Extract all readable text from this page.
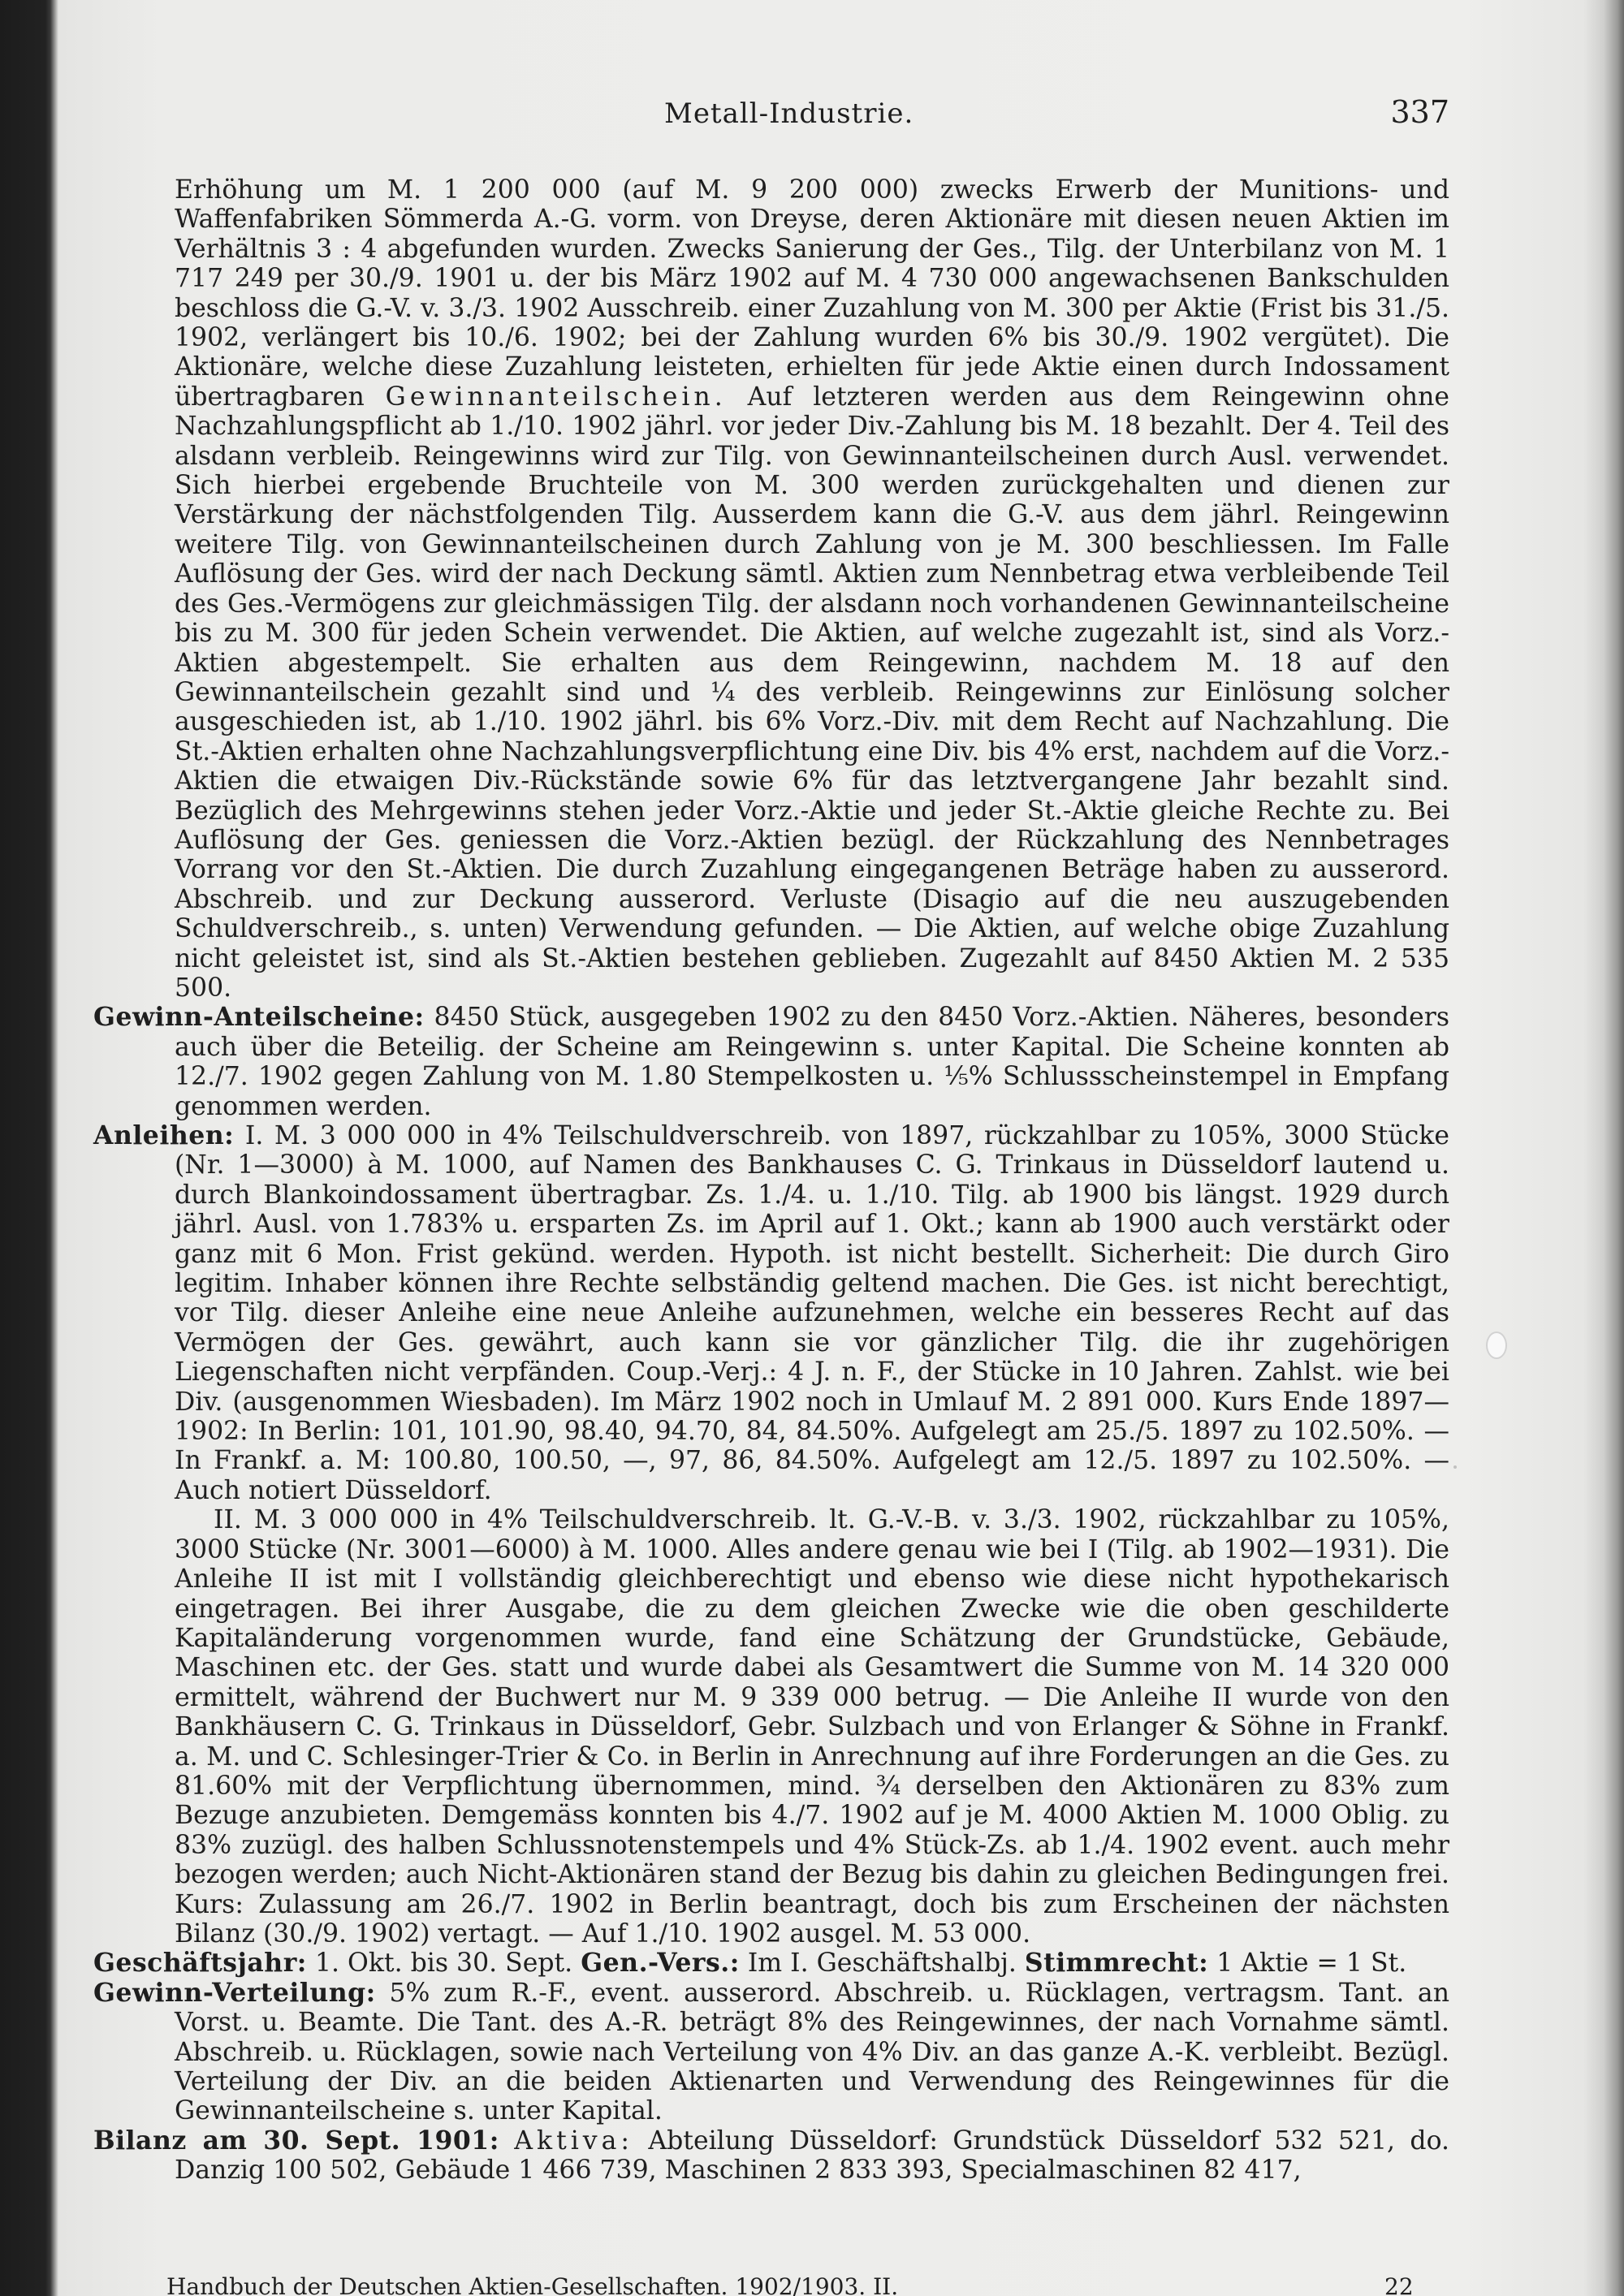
Metall-Industrie.	337
Erhöhung um M. 1 200 000 (auf M. 9 200 000) zwecks Erwerb der Munitions- und Waffenfabriken Sömmerda A.-G. vorm. von Dreyse, deren Aktionäre mit diesen neuen Aktien im Verhältnis 3 : 4 abgefunden wurden. Zwecks Sanierung der Ges., Tilg. der Unterbilanz von M. 1 717 249 per 30./9. 1901 u. der bis März 1902 auf M. 4 730 000 angewachsenen Bankschulden beschloss die G.-V. v. 3./3. 1902 Ausschreib. einer Zuzahlung von M. 300 per Aktie (Frist bis 31./5. 1902, verlängert bis 10./6. 1902; bei der Zahlung wurden 6% bis 30./9. 1902 vergütet). Die Aktionäre, welche diese Zuzahlung leisteten, erhielten für jede Aktie einen durch Indossament übertragbaren Gewinnanteilschein. Auf letzteren werden aus dem Reingewinn ohne Nachzahlungspflicht ab 1./10. 1902 jährl. vor jeder Div.-Zahlung bis M. 18 bezahlt. Der 4. Teil des alsdann verbleib. Reingewinns wird zur Tilg. von Gewinnanteilscheinen durch Ausl. verwendet. Sich hierbei ergebende Bruchteile von M. 300 werden zurückgehalten und dienen zur Verstärkung der nächstfolgenden Tilg. Ausserdem kann die G.-V. aus dem jährl. Reingewinn weitere Tilg. von Gewinnanteilscheinen durch Zahlung von je M. 300 beschliessen. Im Falle Auflösung der Ges. wird der nach Deckung sämtl. Aktien zum Nennbetrag etwa verbleibende Teil des Ges.-Vermögens zur gleichmässigen Tilg. der alsdann noch vorhandenen Gewinnanteilscheine bis zu M. 300 für jeden Schein verwendet. Die Aktien, auf welche zugezahlt ist, sind als Vorz.-Aktien abgestempelt. Sie erhalten aus dem Reingewinn, nachdem M. 18 auf den Gewinnanteilschein gezahlt sind und ¼ des verbleib. Reingewinns zur Einlösung solcher ausgeschieden ist, ab 1./10. 1902 jährl. bis 6% Vorz.-Div. mit dem Recht auf Nachzahlung. Die St.-Aktien erhalten ohne Nachzahlungsverpflichtung eine Div. bis 4% erst, nachdem auf die Vorz.-Aktien die etwaigen Div.-Rückstände sowie 6% für das letztvergangene Jahr bezahlt sind. Bezüglich des Mehrgewinns stehen jeder Vorz.-Aktie und jeder St.-Aktie gleiche Rechte zu. Bei Auflösung der Ges. geniessen die Vorz.-Aktien bezügl. der Rückzahlung des Nennbetrages Vorrang vor den St.-Aktien. Die durch Zuzahlung eingegangenen Beträge haben zu ausserord. Abschreib. und zur Deckung ausserord. Verluste (Disagio auf die neu auszugebenden Schuldverschreib., s. unten) Verwendung gefunden. — Die Aktien, auf welche obige Zuzahlung nicht geleistet ist, sind als St.-Aktien bestehen geblieben. Zugezahlt auf 8450 Aktien M. 2 535 500.
Gewinn-Anteilscheine: 8450 Stück, ausgegeben 1902 zu den 8450 Vorz.-Aktien. Näheres, besonders auch über die Beteilig. der Scheine am Reingewinn s. unter Kapital. Die Scheine konnten ab 12./7. 1902 gegen Zahlung von M. 1.80 Stempelkosten u. ⅕% Schlussscheinstempel in Empfang genommen werden.
Anleihen: I. M. 3 000 000 in 4% Teilschuldverschreib. von 1897, rückzahlbar zu 105%, 3000 Stücke (Nr. 1—3000) à M. 1000, auf Namen des Bankhauses C. G. Trinkaus in Düsseldorf lautend u. durch Blankoindossament übertragbar. Zs. 1./4. u. 1./10. Tilg. ab 1900 bis längst. 1929 durch jährl. Ausl. von 1.783% u. ersparten Zs. im April auf 1. Okt.; kann ab 1900 auch verstärkt oder ganz mit 6 Mon. Frist gekünd. werden. Hypoth. ist nicht bestellt. Sicherheit: Die durch Giro legitim. Inhaber können ihre Rechte selbständig geltend machen. Die Ges. ist nicht berechtigt, vor Tilg. dieser Anleihe eine neue Anleihe aufzunehmen, welche ein besseres Recht auf das Vermögen der Ges. gewährt, auch kann sie vor gänzlicher Tilg. die ihr zugehörigen Liegenschaften nicht verpfänden. Coup.-Verj.: 4 J. n. F., der Stücke in 10 Jahren. Zahlst. wie bei Div. (ausgenommen Wiesbaden). Im März 1902 noch in Umlauf M. 2 891 000. Kurs Ende 1897—1902: In Berlin: 101, 101.90, 98.40, 94.70, 84, 84.50%. Aufgelegt am 25./5. 1897 zu 102.50%. — In Frankf. a. M: 100.80, 100.50, —, 97, 86, 84.50%. Aufgelegt am 12./5. 1897 zu 102.50%. — Auch notiert Düsseldorf.
II. M. 3 000 000 in 4% Teilschuldverschreib. lt. G.-V.-B. v. 3./3. 1902, rückzahlbar zu 105%, 3000 Stücke (Nr. 3001—6000) à M. 1000. Alles andere genau wie bei I (Tilg. ab 1902—1931). Die Anleihe II ist mit I vollständig gleichberechtigt und ebenso wie diese nicht hypothekarisch eingetragen. Bei ihrer Ausgabe, die zu dem gleichen Zwecke wie die oben geschilderte Kapitaländerung vorgenommen wurde, fand eine Schätzung der Grundstücke, Gebäude, Maschinen etc. der Ges. statt und wurde dabei als Gesamtwert die Summe von M. 14 320 000 ermittelt, während der Buchwert nur M. 9 339 000 betrug. — Die Anleihe II wurde von den Bankhäusern C. G. Trinkaus in Düsseldorf, Gebr. Sulzbach und von Erlanger & Söhne in Frankf. a. M. und C. Schlesinger-Trier & Co. in Berlin in Anrechnung auf ihre Forderungen an die Ges. zu 81.60% mit der Verpflichtung übernommen, mind. ¾ derselben den Aktionären zu 83% zum Bezuge anzubieten. Demgemäss konnten bis 4./7. 1902 auf je M. 4000 Aktien M. 1000 Oblig. zu 83% zuzügl. des halben Schlussnotenstempels und 4% Stück-Zs. ab 1./4. 1902 event. auch mehr bezogen werden; auch Nicht-Aktionären stand der Bezug bis dahin zu gleichen Bedingungen frei. Kurs: Zulassung am 26./7. 1902 in Berlin beantragt, doch bis zum Erscheinen der nächsten Bilanz (30./9. 1902) vertagt. — Auf 1./10. 1902 ausgel. M. 53 000.
Geschäftsjahr: 1. Okt. bis 30. Sept. Gen.-Vers.: Im I. Geschäftshalbj. Stimmrecht: 1 Aktie = 1 St.
Gewinn-Verteilung: 5% zum R.-F., event. ausserord. Abschreib. u. Rücklagen, vertragsm. Tant. an Vorst. u. Beamte. Die Tant. des A.-R. beträgt 8% des Reingewinnes, der nach Vornahme sämtl. Abschreib. u. Rücklagen, sowie nach Verteilung von 4% Div. an das ganze A.-K. verbleibt. Bezügl. Verteilung der Div. an die beiden Aktienarten und Verwendung des Reingewinnes für die Gewinnanteilscheine s. unter Kapital.
Bilanz am 30. Sept. 1901: Aktiva: Abteilung Düsseldorf: Grundstück Düsseldorf 532 521, do. Danzig 100 502, Gebäude 1 466 739, Maschinen 2 833 393, Specialmaschinen 82 417,
Handbuch der Deutschen Aktien-Gesellschaften. 1902/1903. II.	22
